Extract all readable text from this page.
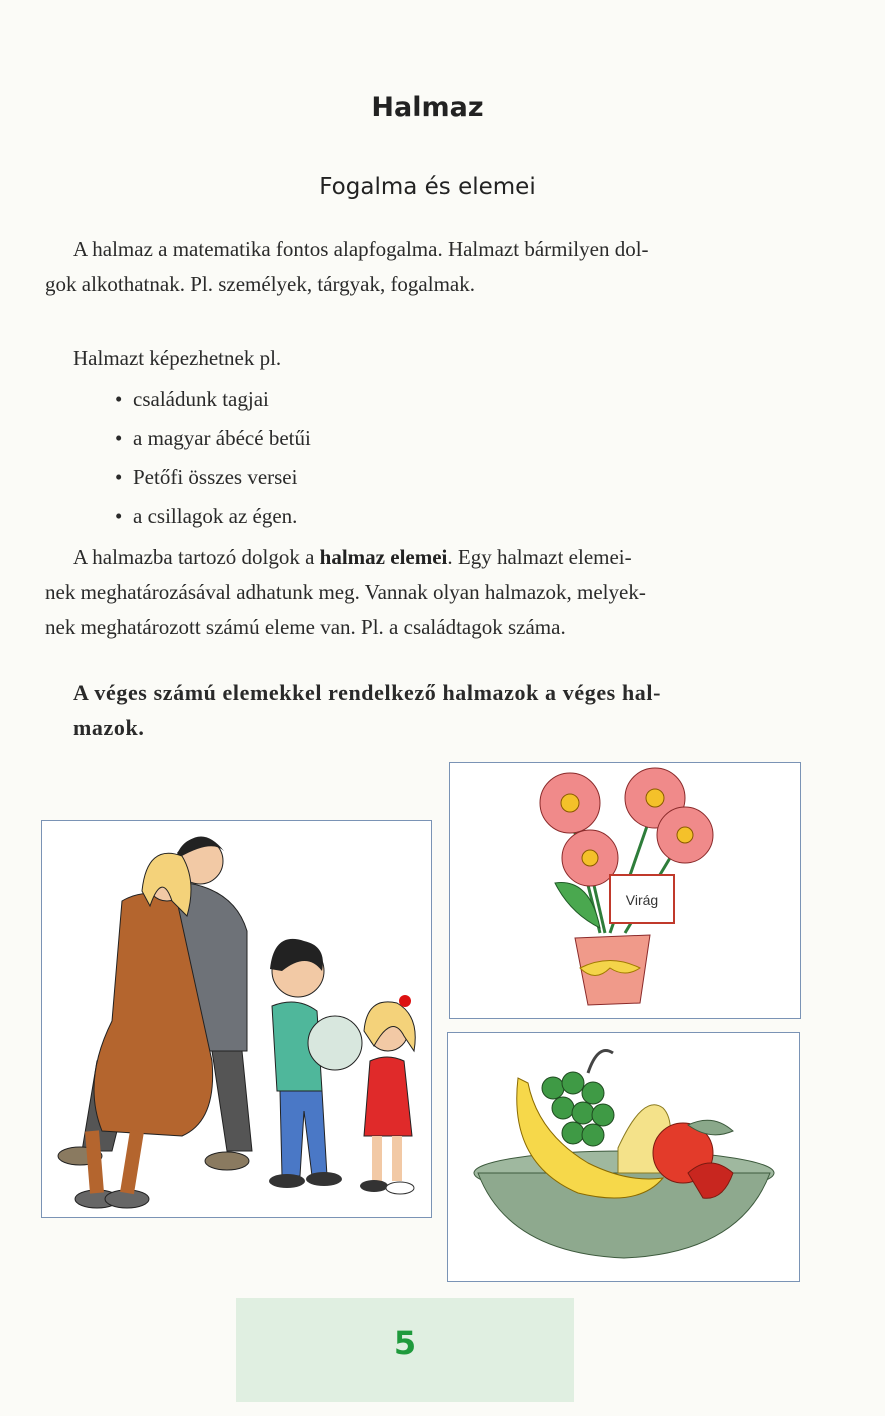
Halmaz
Fogalma és elemei
A halmaz a matematika fontos alapfogalma. Halmazt bármilyen dol-
gok alkothatnak. Pl. személyek, tárgyak, fogalmak.
Halmazt képezhetnek pl.
• családunk tagjai
• a magyar ábécé betűi
• Petőfi összes versei
• a csillagok az égen.
A halmazba tartozó dolgok a halmaz elemei. Egy halmazt elemei-
nek meghatározásával adhatunk meg. Vannak olyan halmazok, melyek-
nek meghatározott számú eleme van. Pl. a családtagok száma.
A véges számú elemekkel rendelkező halmazok a véges hal-
mazok.
Virág
5
